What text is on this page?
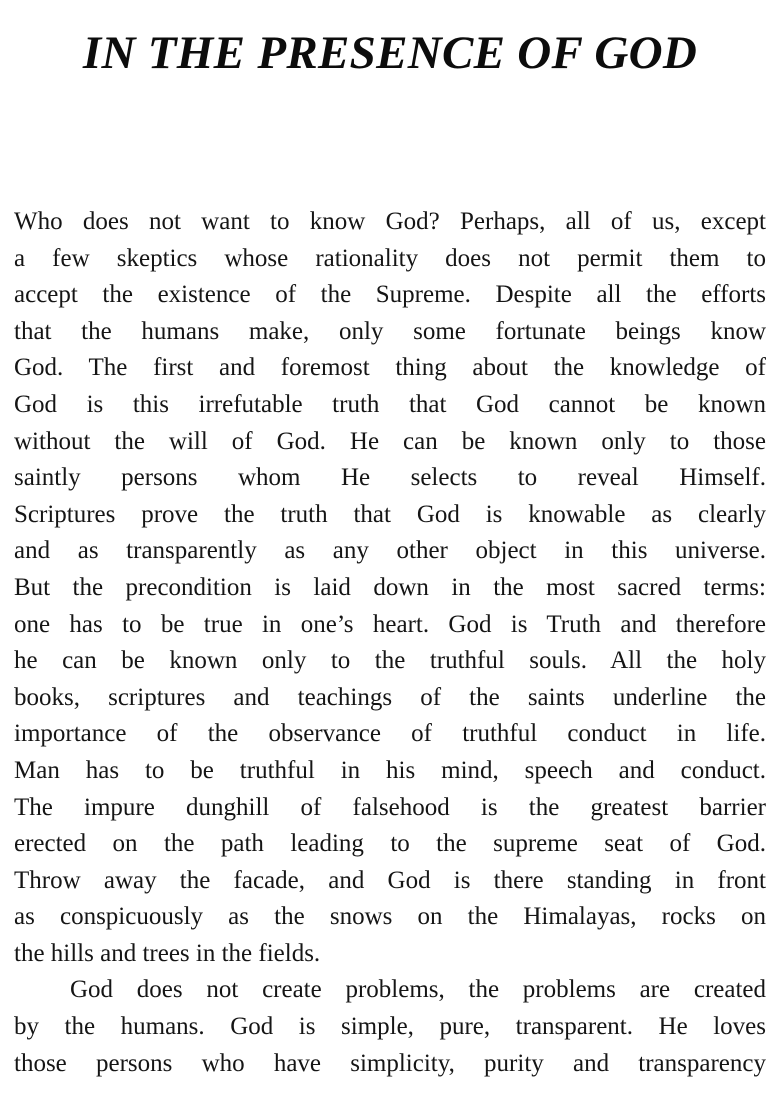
IN THE PRESENCE OF GOD

Who does not want to know God? Perhaps, all of us, except
a few skeptics whose rationality does not permit them to
accept the existence of the Supreme. Despite all the efforts
that the humans make, only some fortunate beings know
God. The first and foremost thing about the knowledge of
God is this irrefutable truth that God cannot be known
without the will of God. He can be known only to those
saintly persons whom He selects to reveal Himself.
Scriptures prove the truth that God is knowable as clearly
and as transparently as any other object in this universe.
But the precondition is laid down in the most sacred terms:
one has to be true in one’s heart. God is Truth and therefore
he can be known only to the truthful souls. All the holy
books, scriptures and teachings of the saints underline the
importance of the observance of truthful conduct in life.
Man has to be truthful in his mind, speech and conduct.
The impure dunghill of falsehood is the greatest barrier
erected on the path leading to the supreme seat of God.
Throw away the facade, and God is there standing in front
as conspicuously as the snows on the Himalayas, rocks on
the hills and trees in the fields.

God does not create problems, the problems are created
by the humans. God is simple, pure, transparent. He loves
those persons who have simplicity, purity and transparency
